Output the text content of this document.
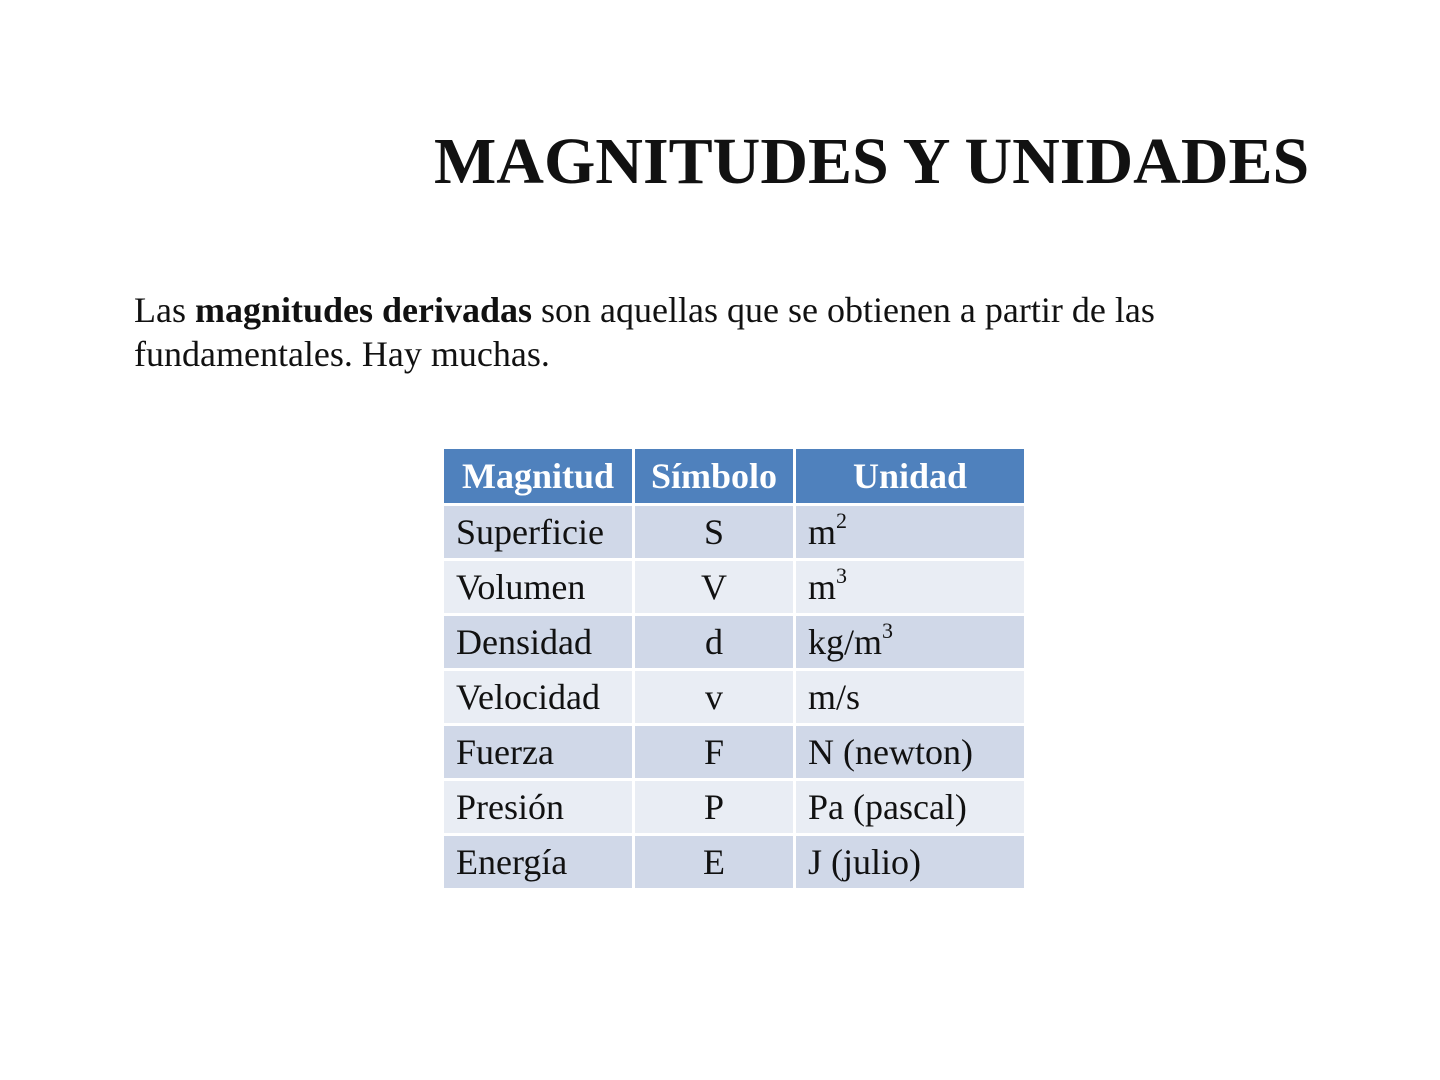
MAGNITUDES Y UNIDADES

Las magnitudes derivadas son aquellas que se obtienen a partir de las fundamentales. Hay muchas.

Magnitud	Símbolo	Unidad
Superficie	S	$m^2$
Volumen	V	$m^3$
Densidad	d	$kg/m^3$
Velocidad	v	m/s
Fuerza	F	N (newton)
Presión	P	Pa (pascal)
Energía	E	J (julio)
